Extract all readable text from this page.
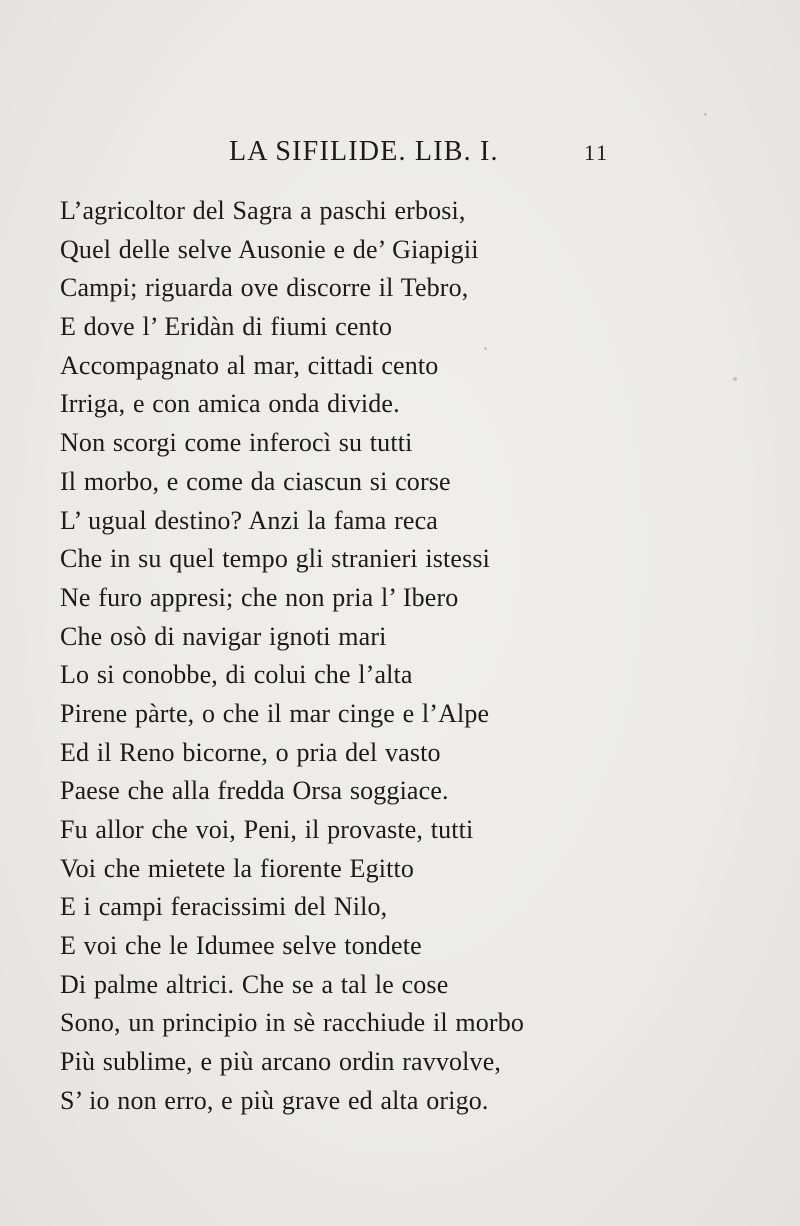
LA SIFILIDE. LIB. I.	11
L’agricoltor del Sagra a paschi erbosi,
Quel delle selve Ausonie e de’ Giapigii
Campi; riguarda ove discorre il Tebro,
E dove l’ Eridàn di fiumi cento
Accompagnato al mar, cittadi cento
Irriga, e con amica onda divide.
Non scorgi come inferocì su tutti
Il morbo, e come da ciascun si corse
L’ ugual destino? Anzi la fama reca
Che in su quel tempo gli stranieri istessi
Ne furo appresi; che non pria l’ Ibero
Che osò di navigar ignoti mari
Lo si conobbe, di colui che l’alta
Pirene pàrte, o che il mar cinge e l’Alpe
Ed il Reno bicorne, o pria del vasto
Paese che alla fredda Orsa soggiace.
Fu allor che voi, Peni, il provaste, tutti
Voi che mietete la fiorente Egitto
E i campi feracissimi del Nilo,
E voi che le Idumee selve tondete
Di palme altrici. Che se a tal le cose
Sono, un principio in sè racchiude il morbo
Più sublime, e più arcano ordin ravvolve,
S’ io non erro, e più grave ed alta origo.
